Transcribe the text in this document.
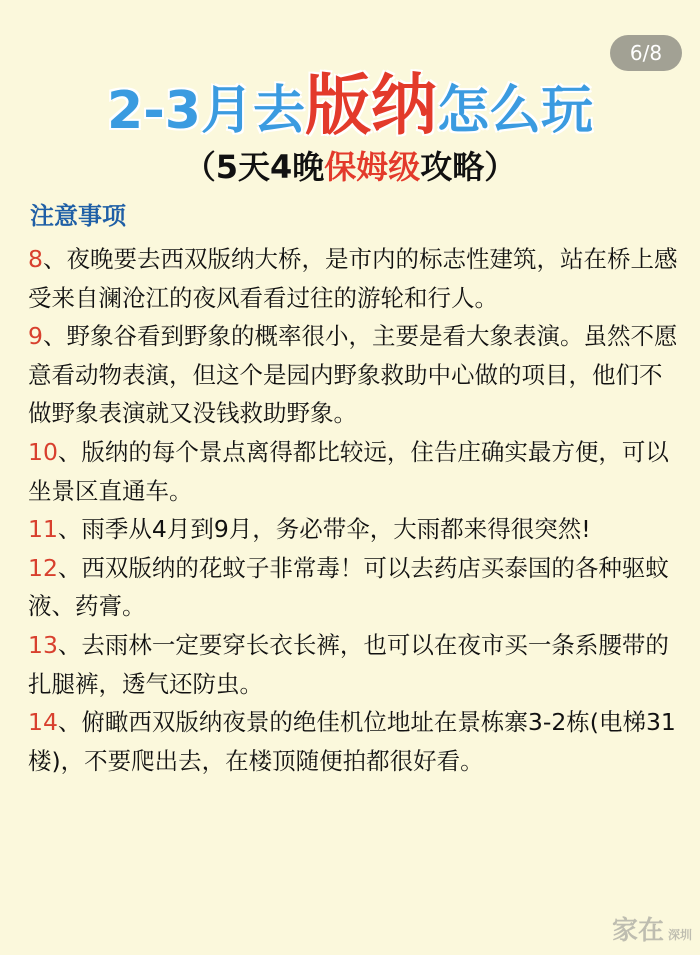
6/8
2-3月去版纳怎么玩
（5天4晚保姆级攻略）
注意事项

8、夜晚要去西双版纳大桥，是市内的标志性建筑，站在桥上感受来自澜沧江的夜风看看过往的游轮和行人。

9、野象谷看到野象的概率很小，主要是看大象表演。虽然不愿意看动物表演，但这个是园内野象救助中心做的项目，他们不做野象表演就又没钱救助野象。

10、版纳的每个景点离得都比较远，住告庄确实最方便，可以坐景区直通车。

11、雨季从4月到9月，务必带伞，大雨都来得很突然!

12、西双版纳的花蚊子非常毒！可以去药店买泰国的各种驱蚊液、药膏。

13、去雨林一定要穿长衣长裤，也可以在夜市买一条系腰带的扎腿裤，透气还防虫。

14、俯瞰西双版纳夜景的绝佳机位地址在景栋寨3-2栋(电梯31楼)，不要爬出去，在楼顶随便拍都很好看。

家在 深圳
